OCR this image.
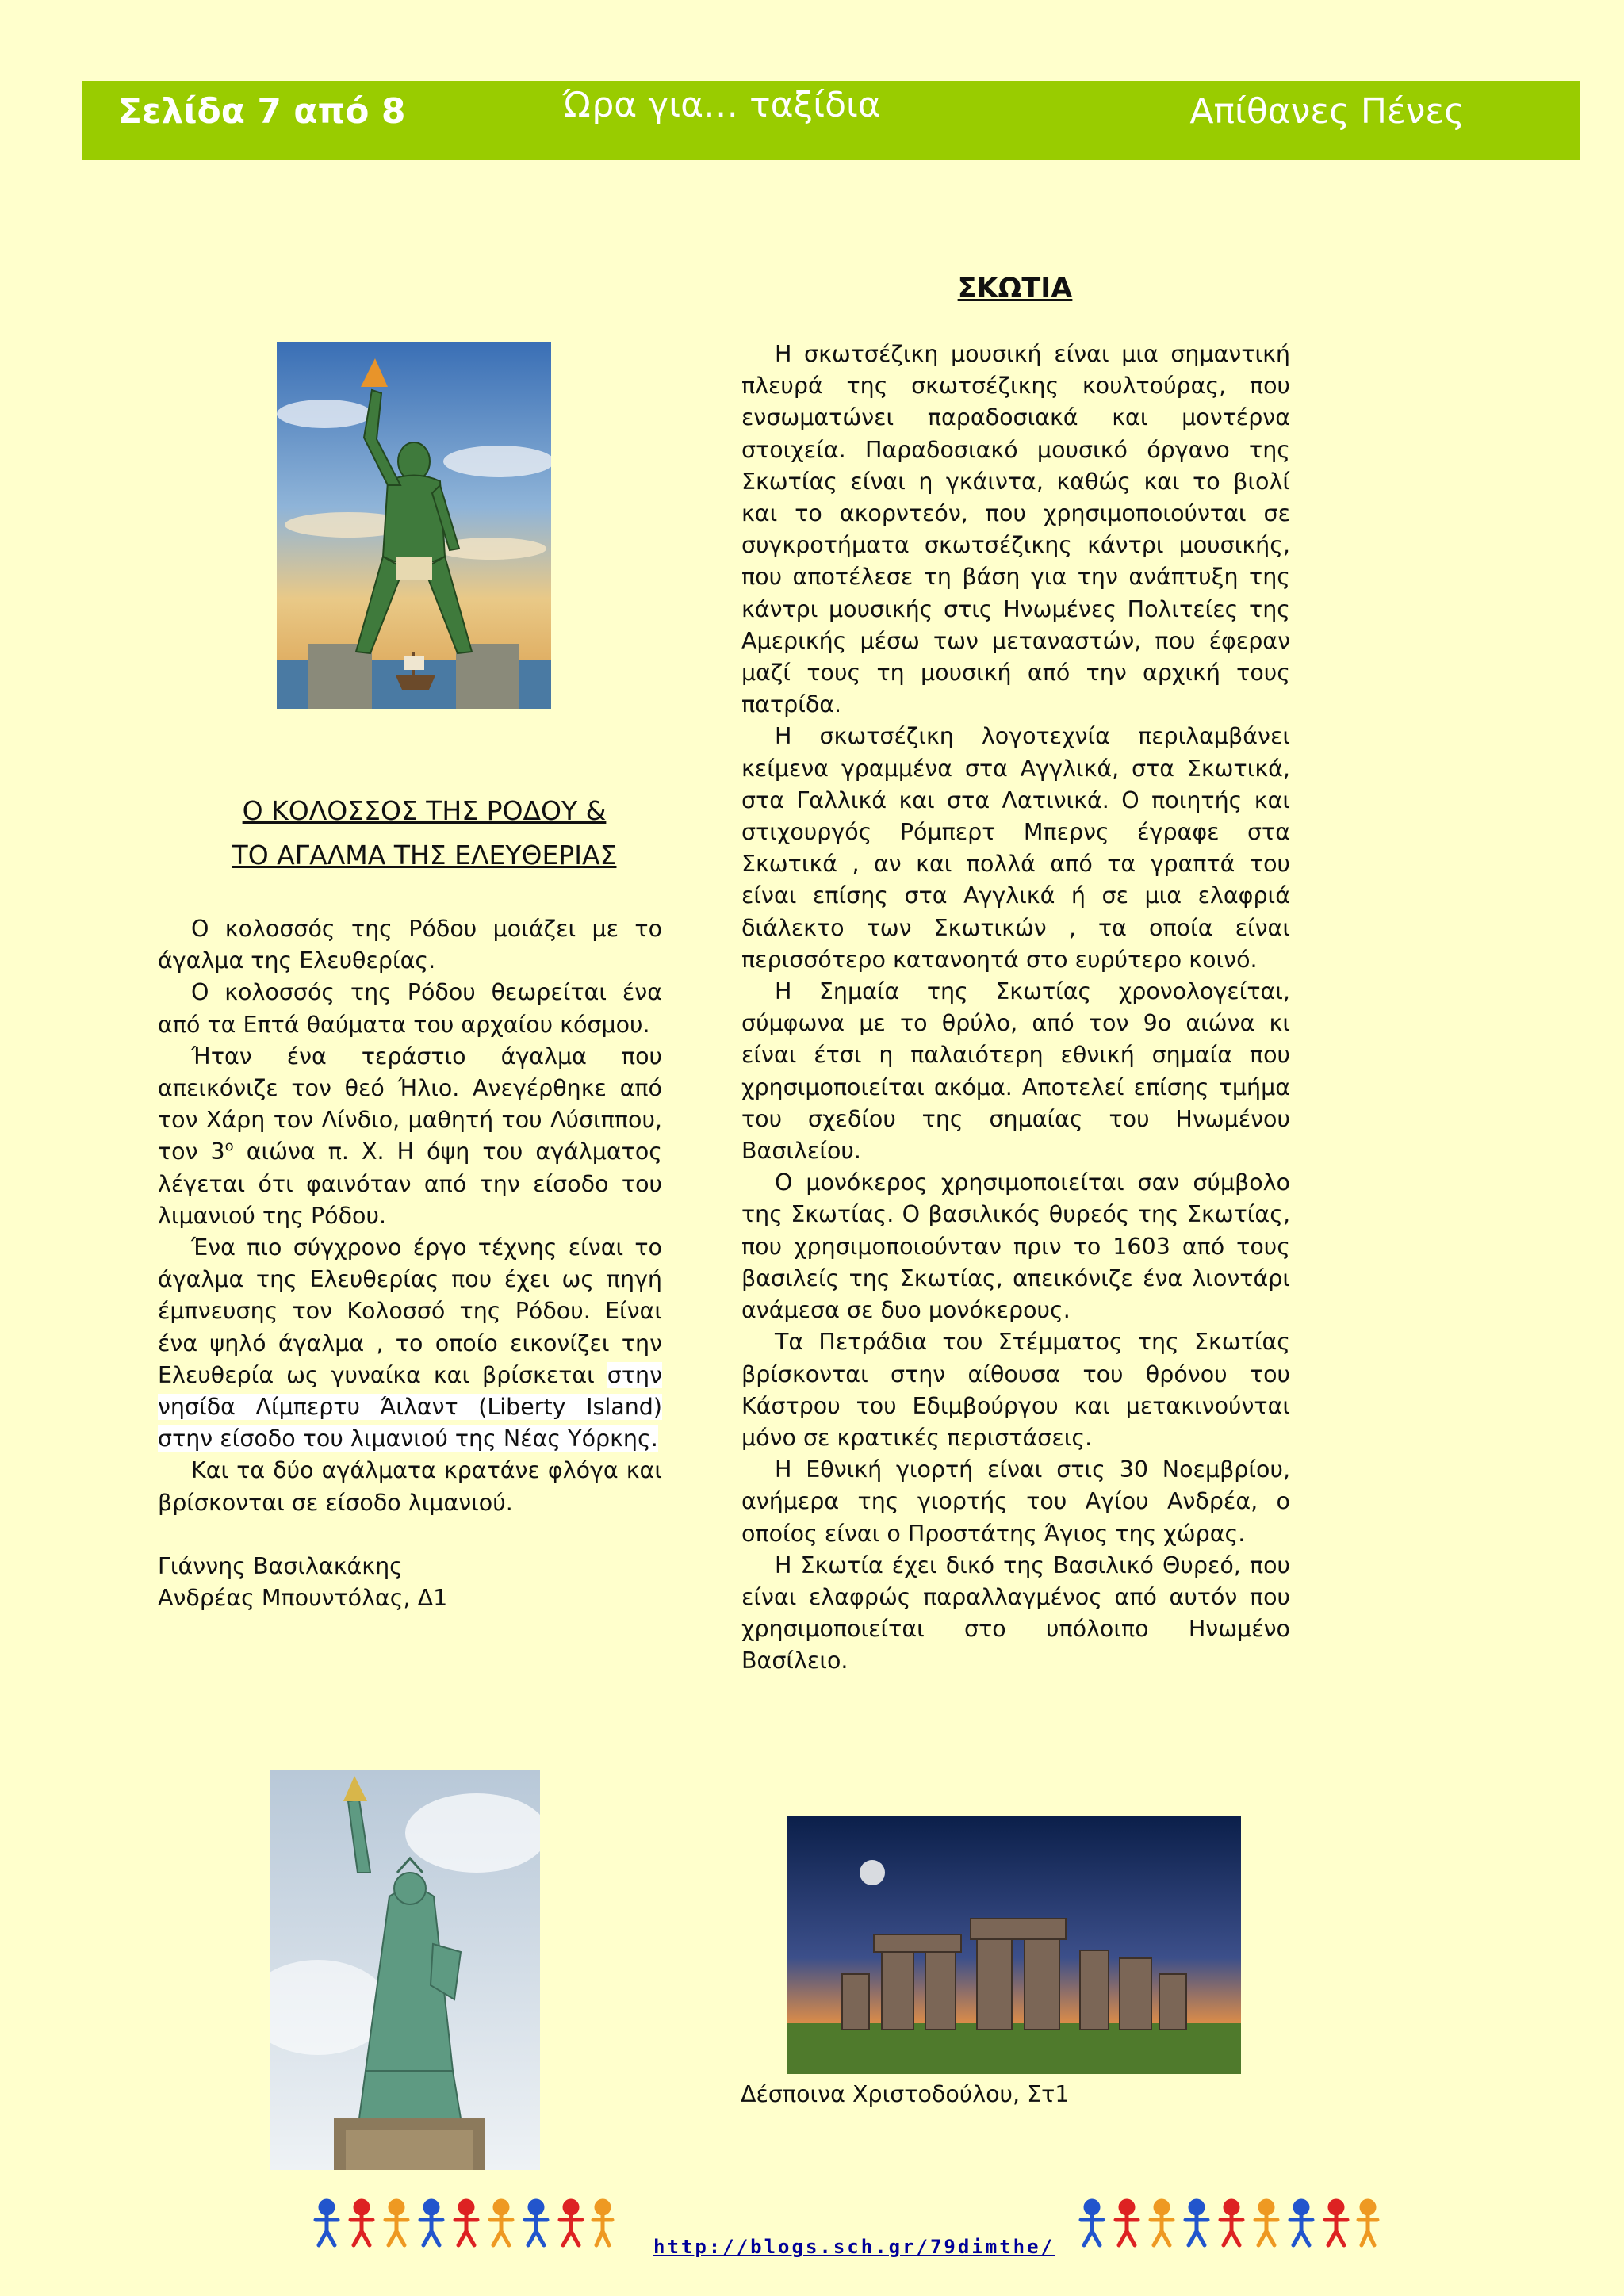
Σελίδα 7 από 8	Ώρα για… ταξίδια	Απίθανες Πένες
Ο ΚΟΛΟΣΣΟΣ ΤΗΣ ΡΟΔΟΥ &
ΤΟ ΑΓΑΛΜΑ ΤΗΣ ΕΛΕΥΘΕΡΙΑΣ

Ο κολοσσός της Ρόδου μοιάζει με το άγαλμα της Ελευθερίας.

Ο κολοσσός της Ρόδου θεωρείται ένα από τα Επτά θαύματα του αρχαίου κόσμου.

Ήταν ένα τεράστιο άγαλμα που απεικόνιζε τον θεό Ήλιο. Ανεγέρθηκε από τον Χάρη τον Λίνδιο, μαθητή του Λύσιππου, τον $3^o$ αιώνα π. Χ. Η όψη του αγάλματος λέγεται ότι φαινόταν από την είσοδο του λιμανιού της Ρόδου.

Ένα πιο σύγχρονο έργο τέχνης είναι το άγαλμα της Ελευθερίας που έχει ως πηγή έμπνευσης τον Κολοσσό της Ρόδου. Είναι ένα ψηλό άγαλμα , το οποίο εικονίζει την Ελευθερία ως γυναίκα και βρίσκεται στην νησίδα Λίμπερτυ Άιλαντ (Liberty Island) στην είσοδο του λιμανιού της Νέας Υόρκης.

Και τα δύο αγάλματα κρατάνε φλόγα και βρίσκονται σε είσοδο λιμανιού.

Γιάννης Βασιλακάκης

Ανδρέας Μπουντόλας, Δ1

ΣΚΩΤΙΑ

Η σκωτσέζικη μουσική είναι μια σημαντική πλευρά της σκωτσέζικης κουλτούρας, που ενσωματώνει παραδοσιακά και μοντέρνα στοιχεία. Παραδοσιακό μουσικό όργανο της Σκωτίας είναι η γκάιντα, καθώς και το βιολί και το ακορντεόν, που χρησιμοποιούνται σε συγκροτήματα σκωτσέζικης κάντρι μουσικής, που αποτέλεσε τη βάση για την ανάπτυξη της κάντρι μουσικής στις Ηνωμένες Πολιτείες της Αμερικής μέσω των μεταναστών, που έφεραν μαζί τους τη μουσική από την αρχική τους πατρίδα.

Η σκωτσέζικη λογοτεχνία περιλαμβάνει κείμενα γραμμένα στα Αγγλικά, στα Σκωτικά, στα Γαλλικά και στα Λατινικά. Ο ποιητής και στιχουργός Ρόμπερτ Μπερνς έγραφε στα Σκωτικά , αν και πολλά από τα γραπτά του είναι επίσης στα Αγγλικά ή σε μια ελαφριά διάλεκτο των Σκωτικών , τα οποία είναι περισσότερο κατανοητά στο ευρύτερο κοινό.

Η Σημαία της Σκωτίας χρονολογείται, σύμφωνα με το θρύλο, από τον 9ο αιώνα κι είναι έτσι η παλαιότερη εθνική σημαία που χρησιμοποιείται ακόμα. Αποτελεί επίσης τμήμα του σχεδίου της σημαίας του Ηνωμένου Βασιλείου.

Ο μονόκερος χρησιμοποιείται σαν σύμβολο της Σκωτίας. Ο βασιλικός θυρεός της Σκωτίας, που χρησιμοποιούνταν πριν το 1603 από τους βασιλείς της Σκωτίας, απεικόνιζε ένα λιοντάρι ανάμεσα σε δυο μονόκερους.

Τα Πετράδια του Στέμματος της Σκωτίας βρίσκονται στην αίθουσα του θρόνου του Κάστρου του Εδιμβούργου και μετακινούνται μόνο σε κρατικές περιστάσεις.

Η Εθνική γιορτή είναι στις 30 Νοεμβρίου, ανήμερα της γιορτής του Αγίου Ανδρέα, ο οποίος είναι ο Προστάτης Άγιος της χώρας.

Η Σκωτία έχει δικό της Βασιλικό Θυρεό, που είναι ελαφρώς παραλλαγμένος από αυτόν που χρησιμοποιείται στο υπόλοιπο Ηνωμένο Βασίλειο.

Δέσποινα Χριστοδούλου, Στ1
http://blogs.sch.gr/79dimthe/
